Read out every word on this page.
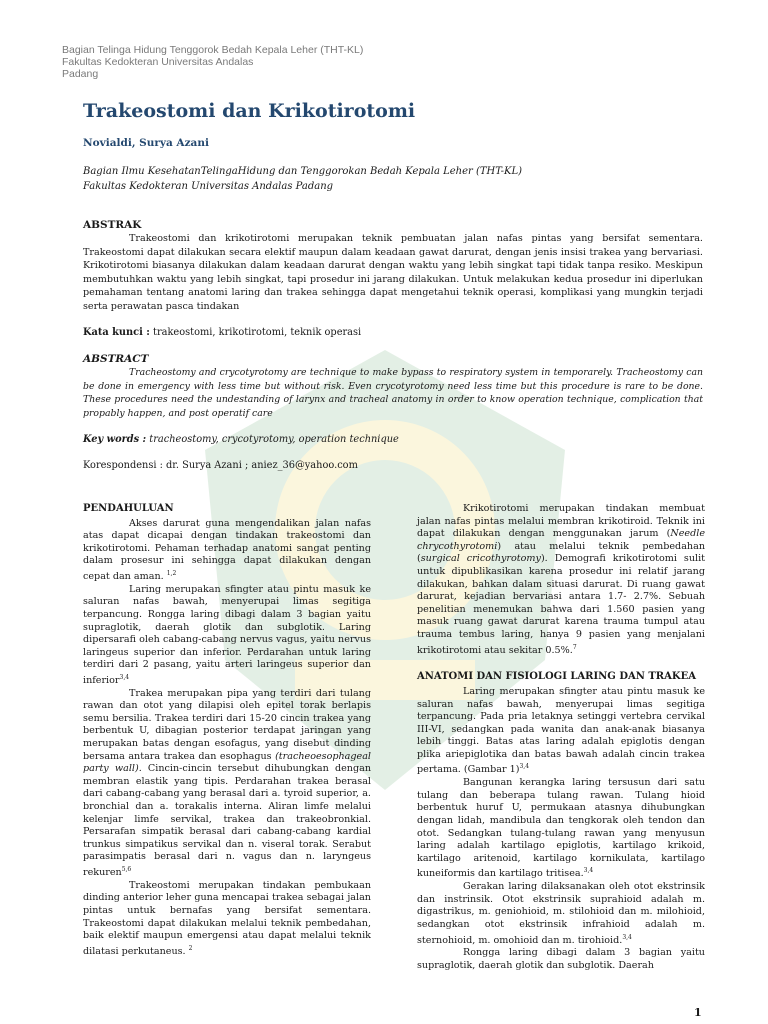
Bagian Telinga Hidung Tenggorok Bedah Kepala Leher (THT-KL)
Fakultas Kedokteran Universitas Andalas
Padang
Trakeostomi dan Krikotirotomi
Novialdi, Surya Azani
Bagian Ilmu KesehatanTelingaHidung dan Tenggorokan Bedah Kepala Leher (THT-KL)
Fakultas Kedokteran Universitas Andalas Padang
ABSTRAK

Trakeostomi dan krikotirotomi merupakan teknik pembuatan jalan nafas pintas yang bersifat sementara. Trakeostomi dapat dilakukan secara elektif maupun dalam keadaan gawat darurat, dengan jenis insisi trakea yang bervariasi. Krikotirotomi biasanya dilakukan dalam keadaan darurat dengan waktu yang lebih singkat tapi tidak tanpa resiko. Meskipun membutuhkan waktu yang lebih singkat, tapi prosedur ini jarang dilakukan. Untuk melakukan kedua prosedur ini diperlukan pemahaman tentang anatomi laring dan trakea sehingga dapat mengetahui teknik operasi, komplikasi yang mungkin terjadi serta perawatan pasca tindakan

Kata kunci : trakeostomi, krikotirotomi, teknik operasi
ABSTRACT

Tracheostomy and crycotyrotomy are technique to make bypass to respiratory system in temporarely. Tracheostomy can be done in emergency with less time but without risk. Even crycotyrotomy need less time but this procedure is rare to be done. These procedures need the undestanding of larynx and tracheal anatomy in order to know operation technique, complication that propably happen, and post operatif care

Key words : tracheostomy, crycotyrotomy, operation technique
Korespondensi : dr. Surya Azani ; aniez_36@yahoo.com
PENDAHULUAN

Akses darurat guna mengendalikan jalan nafas atas dapat dicapai dengan tindakan trakeostomi dan krikotirotomi. Pehaman terhadap anatomi sangat penting dalam prosesur ini sehingga dapat dilakukan dengan cepat dan aman. $^{1,2}$

Laring merupakan sfingter atau pintu masuk ke saluran nafas bawah, menyerupai limas segitiga terpancung. Rongga laring dibagi dalam 3 bagian yaitu supraglotik, daerah glotik dan subglotik. Laring dipersarafi oleh cabang-cabang nervus vagus, yaitu nervus laringeus superior dan inferior. Perdarahan untuk laring terdiri dari 2 pasang, yaitu arteri laringeus superior dan inferior$^{3,4}$

Trakea merupakan pipa yang terdiri dari tulang rawan dan otot yang dilapisi oleh epitel torak berlapis semu bersilia. Trakea terdiri dari 15-20 cincin trakea yang berbentuk U, dibagian posterior terdapat jaringan yang merupakan batas dengan esofagus, yang disebut dinding bersama antara trakea dan esophagus (tracheoesophageal party wall). Cincin-cincin tersebut dihubungkan dengan membran elastik yang tipis. Perdarahan trakea berasal dari cabang-cabang yang berasal dari a. tyroid superior, a. bronchial dan a. torakalis interna. Aliran limfe melalui kelenjar limfe servikal, trakea dan trakeobronkial. Persarafan simpatik berasal dari cabang-cabang kardial trunkus simpatikus servikal dan n. viseral torak. Serabut parasimpatis berasal dari n. vagus dan n. laryngeus rekuren$^{5,6}$

Trakeostomi merupakan tindakan pembukaan dinding anterior leher guna mencapai trakea sebagai jalan pintas untuk bernafas yang bersifat sementara. Trakeostomi dapat dilakukan melalui teknik pembedahan, baik elektif maupun emergensi atau dapat melalui teknik dilatasi perkutaneus. $^2$

Krikotirotomi merupakan tindakan membuat jalan nafas pintas melalui membran krikotiroid. Teknik ini dapat dilakukan dengan menggunakan jarum (Needle chrycothyrotomi) atau melalui teknik pembedahan (surgical cricothyrotomy). Demografi krikotirotomi sulit untuk dipublikasikan karena prosedur ini relatif jarang dilakukan, bahkan dalam situasi darurat. Di ruang gawat darurat, kejadian bervariasi antara 1.7- 2.7%. Sebuah penelitian menemukan bahwa dari 1.560 pasien yang masuk ruang gawat darurat karena trauma tumpul atau trauma tembus laring, hanya 9 pasien yang menjalani krikotirotomi atau sekitar 0.5%.$^7$

ANATOMI DAN FISIOLOGI LARING DAN TRAKEA

Laring merupakan sfingter atau pintu masuk ke saluran nafas bawah, menyerupai limas segitiga terpancung. Pada pria letaknya setinggi vertebra cervikal III-VI, sedangkan pada wanita dan anak-anak biasanya lebih tinggi. Batas atas laring adalah epiglotis dengan plika ariepiglotika dan batas bawah adalah cincin trakea pertama. (Gambar 1)$^{3,4}$

Bangunan kerangka laring tersusun dari satu tulang dan beberapa tulang rawan. Tulang hioid berbentuk huruf U, permukaan atasnya dihubungkan dengan lidah, mandibula dan tengkorak oleh tendon dan otot. Sedangkan tulang-tulang rawan yang menyusun laring adalah kartilago epiglotis, kartilago krikoid, kartilago aritenoid, kartilago kornikulata, kartilago kuneiformis dan kartilago tritisea.$^{3,4}$

Gerakan laring dilaksanakan oleh otot ekstrinsik dan instrinsik. Otot ekstrinsik suprahioid adalah m. digastrikus, m. geniohioid, m. stilohioid dan m. milohioid, sedangkan otot ekstrinsik infrahioid adalah m. sternohioid, m. omohioid dan m. tirohioid.$^{3,4}$

Rongga laring dibagi dalam 3 bagian yaitu supraglotik, daerah glotik dan subglotik. Daerah

1
